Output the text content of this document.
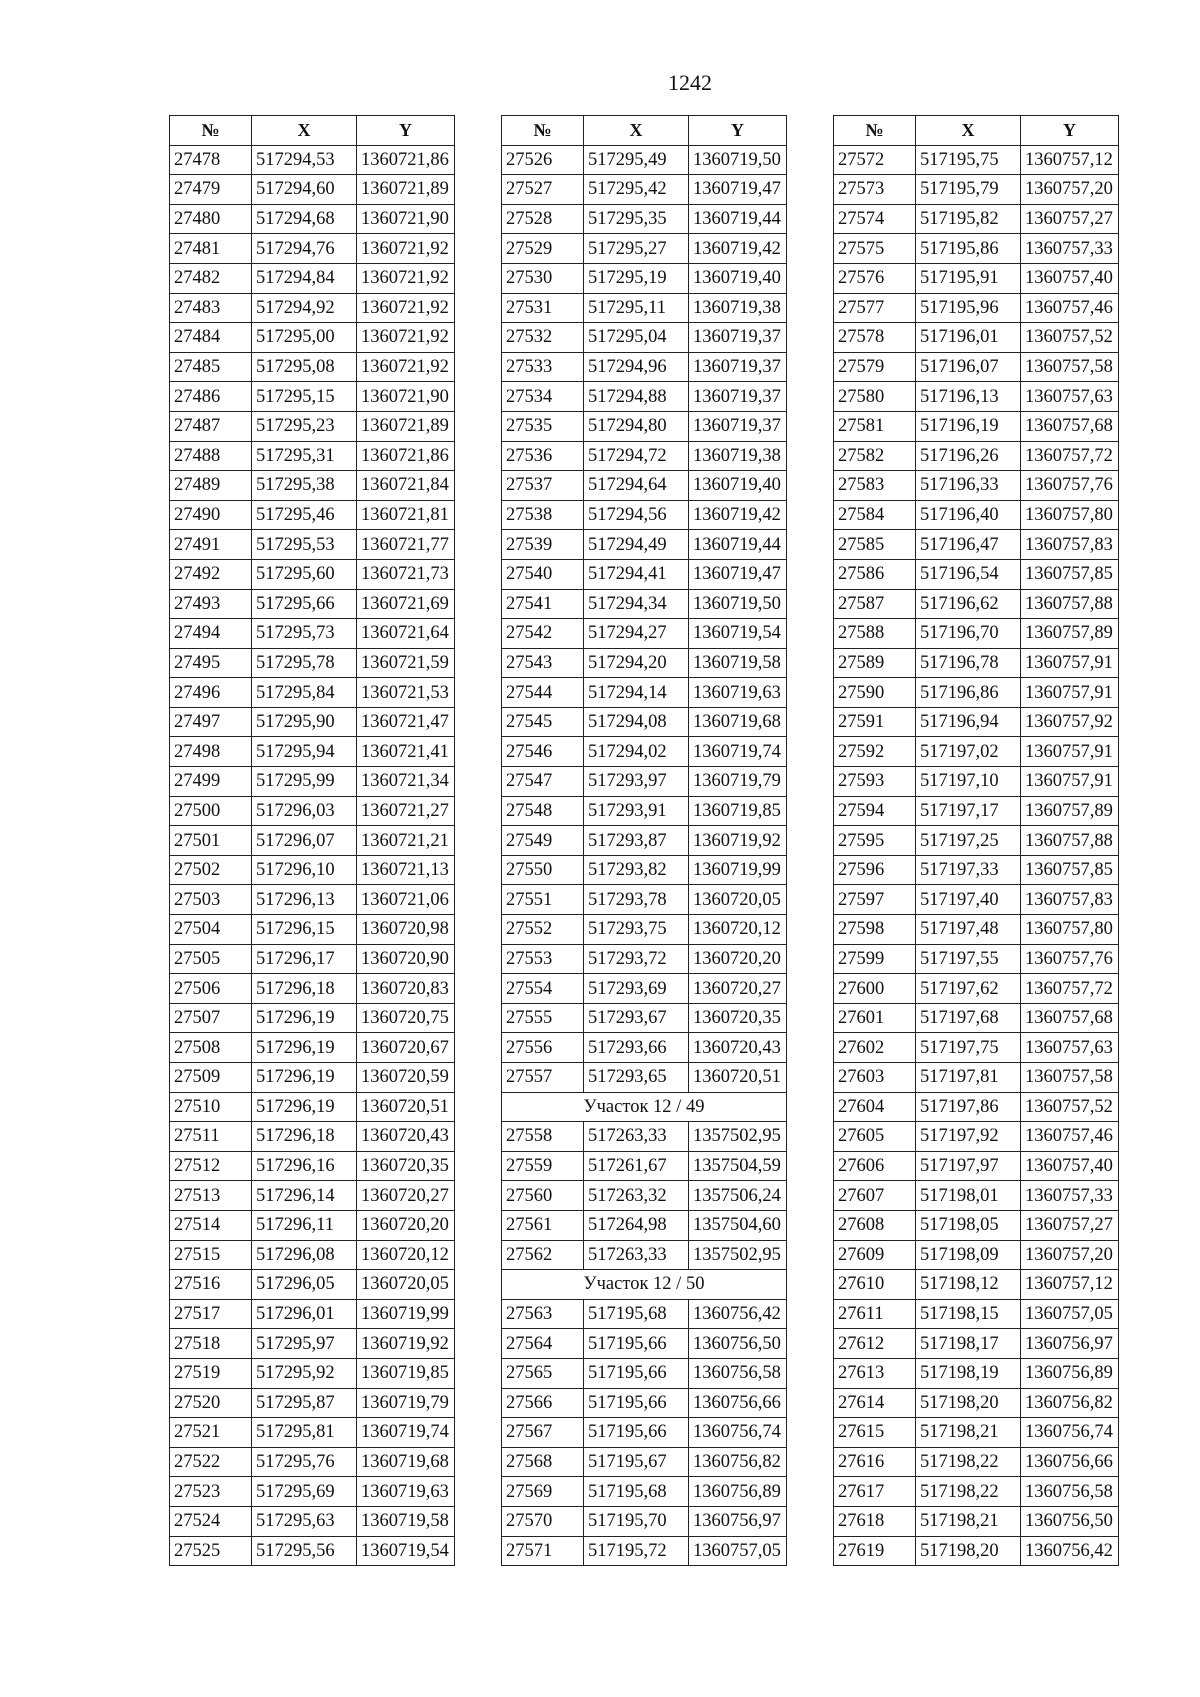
1242
№	X	Y
27478	517294,53	1360721,86
27479	517294,60	1360721,89
27480	517294,68	1360721,90
27481	517294,76	1360721,92
27482	517294,84	1360721,92
27483	517294,92	1360721,92
27484	517295,00	1360721,92
27485	517295,08	1360721,92
27486	517295,15	1360721,90
27487	517295,23	1360721,89
27488	517295,31	1360721,86
27489	517295,38	1360721,84
27490	517295,46	1360721,81
27491	517295,53	1360721,77
27492	517295,60	1360721,73
27493	517295,66	1360721,69
27494	517295,73	1360721,64
27495	517295,78	1360721,59
27496	517295,84	1360721,53
27497	517295,90	1360721,47
27498	517295,94	1360721,41
27499	517295,99	1360721,34
27500	517296,03	1360721,27
27501	517296,07	1360721,21
27502	517296,10	1360721,13
27503	517296,13	1360721,06
27504	517296,15	1360720,98
27505	517296,17	1360720,90
27506	517296,18	1360720,83
27507	517296,19	1360720,75
27508	517296,19	1360720,67
27509	517296,19	1360720,59
27510	517296,19	1360720,51
27511	517296,18	1360720,43
27512	517296,16	1360720,35
27513	517296,14	1360720,27
27514	517296,11	1360720,20
27515	517296,08	1360720,12
27516	517296,05	1360720,05
27517	517296,01	1360719,99
27518	517295,97	1360719,92
27519	517295,92	1360719,85
27520	517295,87	1360719,79
27521	517295,81	1360719,74
27522	517295,76	1360719,68
27523	517295,69	1360719,63
27524	517295,63	1360719,58
27525	517295,56	1360719,54
№	X	Y
27526	517295,49	1360719,50
27527	517295,42	1360719,47
27528	517295,35	1360719,44
27529	517295,27	1360719,42
27530	517295,19	1360719,40
27531	517295,11	1360719,38
27532	517295,04	1360719,37
27533	517294,96	1360719,37
27534	517294,88	1360719,37
27535	517294,80	1360719,37
27536	517294,72	1360719,38
27537	517294,64	1360719,40
27538	517294,56	1360719,42
27539	517294,49	1360719,44
27540	517294,41	1360719,47
27541	517294,34	1360719,50
27542	517294,27	1360719,54
27543	517294,20	1360719,58
27544	517294,14	1360719,63
27545	517294,08	1360719,68
27546	517294,02	1360719,74
27547	517293,97	1360719,79
27548	517293,91	1360719,85
27549	517293,87	1360719,92
27550	517293,82	1360719,99
27551	517293,78	1360720,05
27552	517293,75	1360720,12
27553	517293,72	1360720,20
27554	517293,69	1360720,27
27555	517293,67	1360720,35
27556	517293,66	1360720,43
27557	517293,65	1360720,51
Участок 12 / 49		
27558	517263,33	1357502,95
27559	517261,67	1357504,59
27560	517263,32	1357506,24
27561	517264,98	1357504,60
27562	517263,33	1357502,95
Участок 12 / 50		
27563	517195,68	1360756,42
27564	517195,66	1360756,50
27565	517195,66	1360756,58
27566	517195,66	1360756,66
27567	517195,66	1360756,74
27568	517195,67	1360756,82
27569	517195,68	1360756,89
27570	517195,70	1360756,97
27571	517195,72	1360757,05
№	X	Y
27572	517195,75	1360757,12
27573	517195,79	1360757,20
27574	517195,82	1360757,27
27575	517195,86	1360757,33
27576	517195,91	1360757,40
27577	517195,96	1360757,46
27578	517196,01	1360757,52
27579	517196,07	1360757,58
27580	517196,13	1360757,63
27581	517196,19	1360757,68
27582	517196,26	1360757,72
27583	517196,33	1360757,76
27584	517196,40	1360757,80
27585	517196,47	1360757,83
27586	517196,54	1360757,85
27587	517196,62	1360757,88
27588	517196,70	1360757,89
27589	517196,78	1360757,91
27590	517196,86	1360757,91
27591	517196,94	1360757,92
27592	517197,02	1360757,91
27593	517197,10	1360757,91
27594	517197,17	1360757,89
27595	517197,25	1360757,88
27596	517197,33	1360757,85
27597	517197,40	1360757,83
27598	517197,48	1360757,80
27599	517197,55	1360757,76
27600	517197,62	1360757,72
27601	517197,68	1360757,68
27602	517197,75	1360757,63
27603	517197,81	1360757,58
27604	517197,86	1360757,52
27605	517197,92	1360757,46
27606	517197,97	1360757,40
27607	517198,01	1360757,33
27608	517198,05	1360757,27
27609	517198,09	1360757,20
27610	517198,12	1360757,12
27611	517198,15	1360757,05
27612	517198,17	1360756,97
27613	517198,19	1360756,89
27614	517198,20	1360756,82
27615	517198,21	1360756,74
27616	517198,22	1360756,66
27617	517198,22	1360756,58
27618	517198,21	1360756,50
27619	517198,20	1360756,42
